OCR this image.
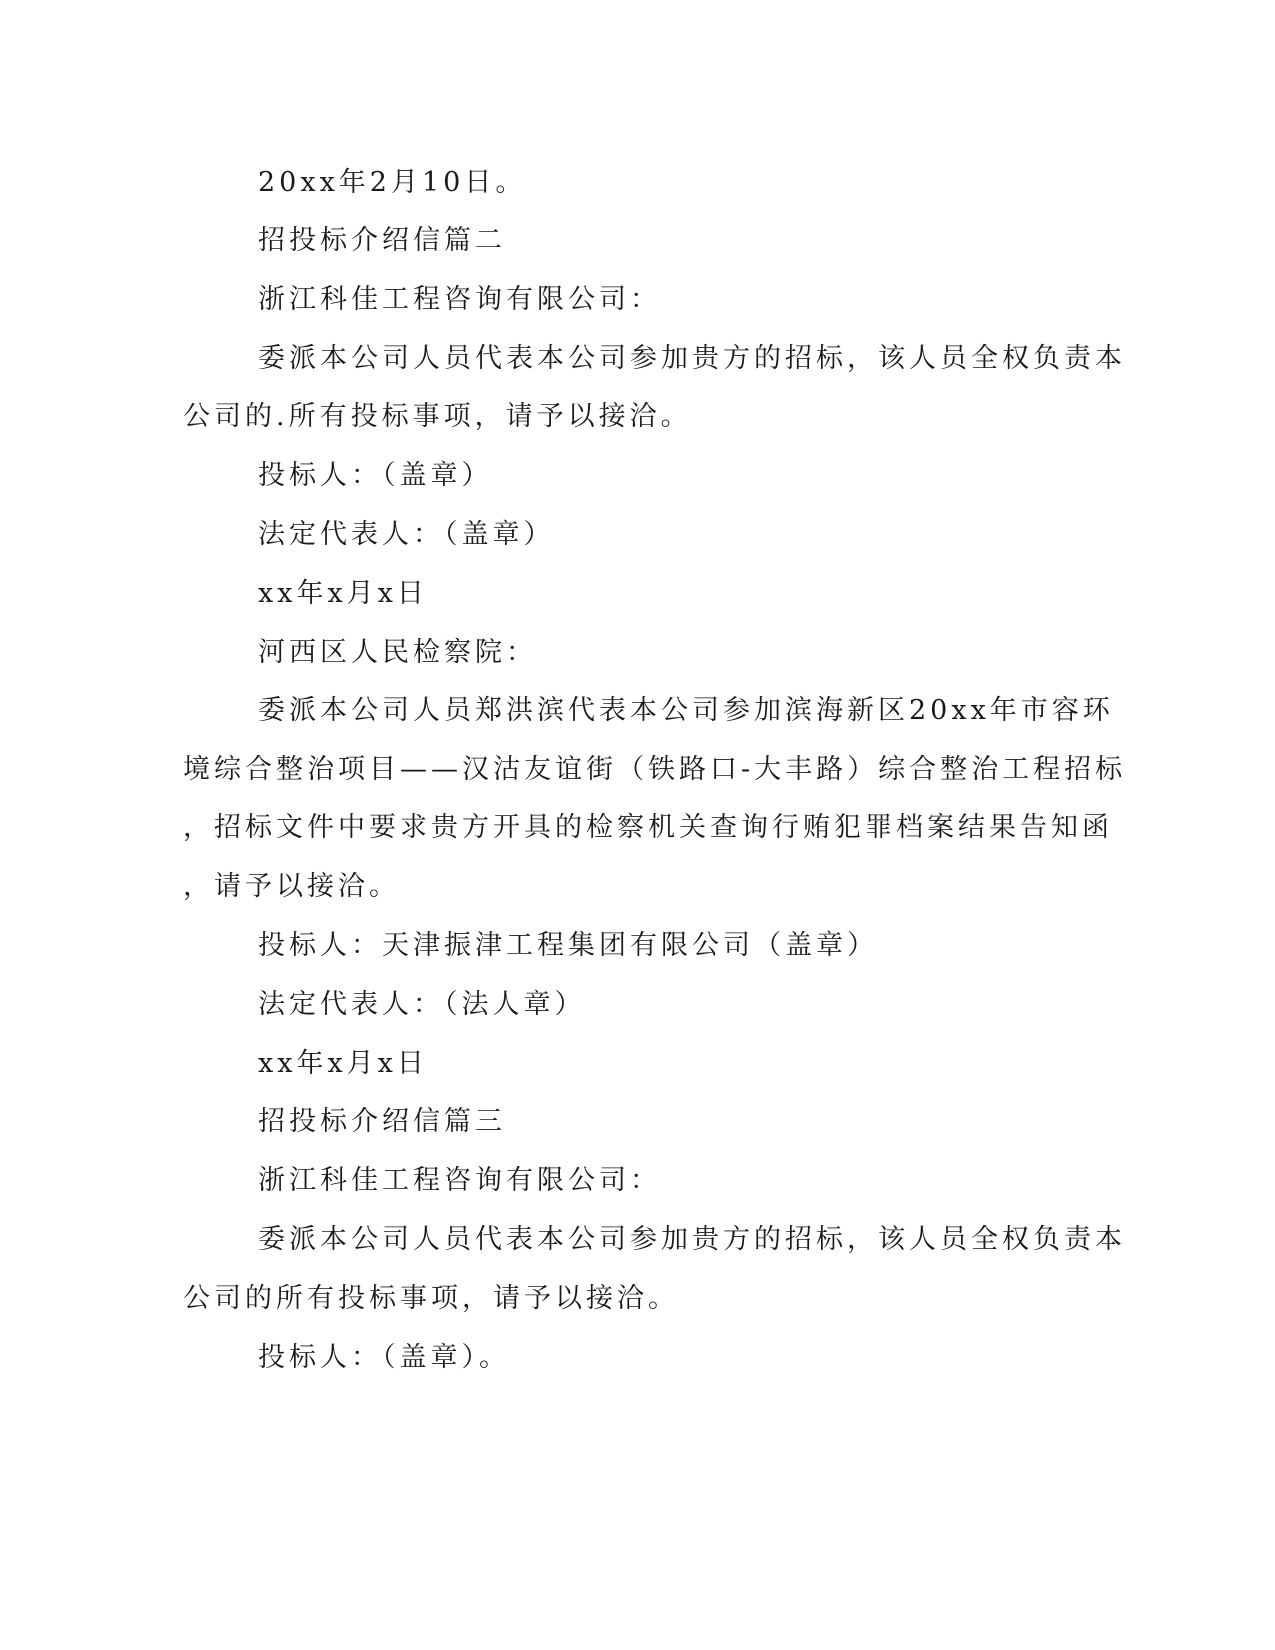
20xx年2月10日。
招投标介绍信篇二
浙江科佳工程咨询有限公司：
委派本公司人员代表本公司参加贵方的招标，该人员全权负责本
公司的.所有投标事项，请予以接洽。
投标人：（盖章）
法定代表人：（盖章）
xx年x月x日
河西区人民检察院：
委派本公司人员郑洪滨代表本公司参加滨海新区20xx年市容环
境综合整治项目——汉沽友谊街（铁路口-大丰路）综合整治工程招标
，招标文件中要求贵方开具的检察机关查询行贿犯罪档案结果告知函
，请予以接洽。
投标人：天津振津工程集团有限公司（盖章）
法定代表人：（法人章）
xx年x月x日
招投标介绍信篇三
浙江科佳工程咨询有限公司：
委派本公司人员代表本公司参加贵方的招标，该人员全权负责本
公司的所有投标事项，请予以接洽。
投标人：（盖章）。
